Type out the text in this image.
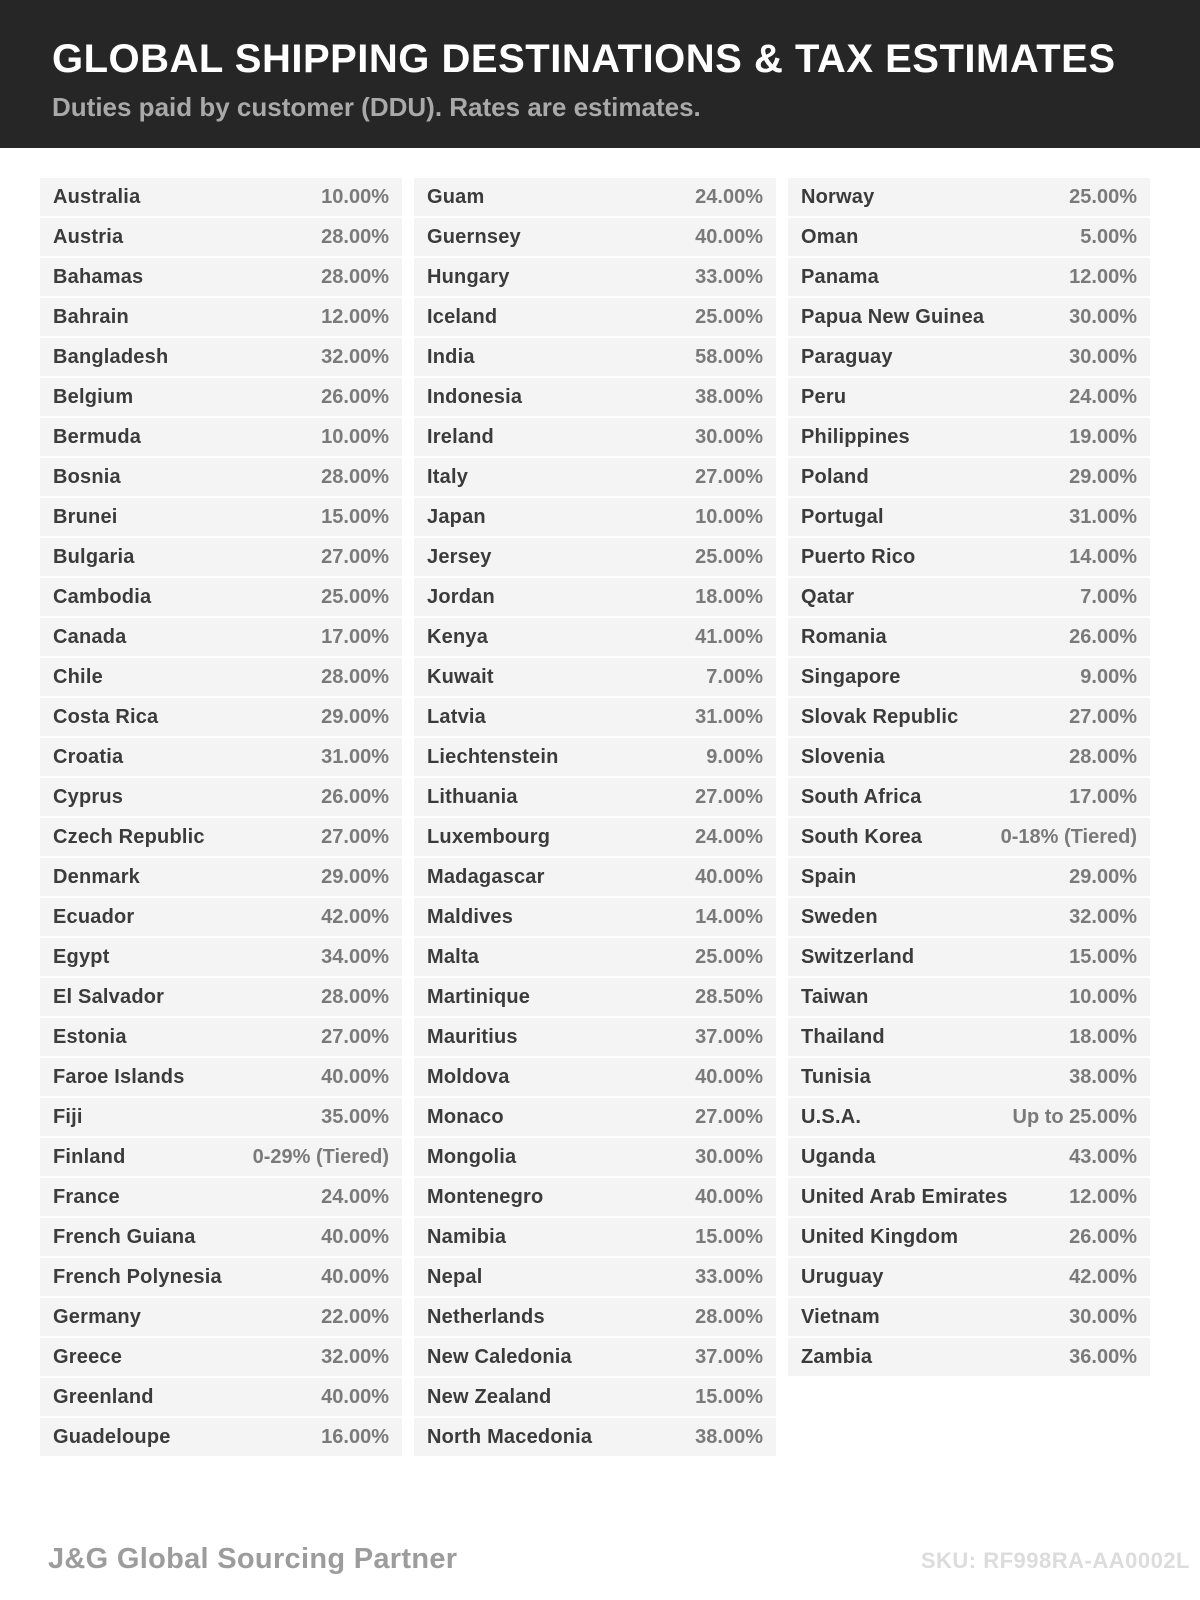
GLOBAL SHIPPING DESTINATIONS & TAX ESTIMATES

Duties paid by customer (DDU). Rates are estimates.

Australia	10.00%
Austria	28.00%
Bahamas	28.00%
Bahrain	12.00%
Bangladesh	32.00%
Belgium	26.00%
Bermuda	10.00%
Bosnia	28.00%
Brunei	15.00%
Bulgaria	27.00%
Cambodia	25.00%
Canada	17.00%
Chile	28.00%
Costa Rica	29.00%
Croatia	31.00%
Cyprus	26.00%
Czech Republic	27.00%
Denmark	29.00%
Ecuador	42.00%
Egypt	34.00%
El Salvador	28.00%
Estonia	27.00%
Faroe Islands	40.00%
Fiji	35.00%
Finland	0-29% (Tiered)
France	24.00%
French Guiana	40.00%
French Polynesia	40.00%
Germany	22.00%
Greece	32.00%
Greenland	40.00%
Guadeloupe	16.00%
Guam	24.00%
Guernsey	40.00%
Hungary	33.00%
Iceland	25.00%
India	58.00%
Indonesia	38.00%
Ireland	30.00%
Italy	27.00%
Japan	10.00%
Jersey	25.00%
Jordan	18.00%
Kenya	41.00%
Kuwait	7.00%
Latvia	31.00%
Liechtenstein	9.00%
Lithuania	27.00%
Luxembourg	24.00%
Madagascar	40.00%
Maldives	14.00%
Malta	25.00%
Martinique	28.50%
Mauritius	37.00%
Moldova	40.00%
Monaco	27.00%
Mongolia	30.00%
Montenegro	40.00%
Namibia	15.00%
Nepal	33.00%
Netherlands	28.00%
New Caledonia	37.00%
New Zealand	15.00%
North Macedonia	38.00%
Norway	25.00%
Oman	5.00%
Panama	12.00%
Papua New Guinea	30.00%
Paraguay	30.00%
Peru	24.00%
Philippines	19.00%
Poland	29.00%
Portugal	31.00%
Puerto Rico	14.00%
Qatar	7.00%
Romania	26.00%
Singapore	9.00%
Slovak Republic	27.00%
Slovenia	28.00%
South Africa	17.00%
South Korea	0-18% (Tiered)
Spain	29.00%
Sweden	32.00%
Switzerland	15.00%
Taiwan	10.00%
Thailand	18.00%
Tunisia	38.00%
U.S.A.	Up to 25.00%
Uganda	43.00%
United Arab Emirates	12.00%
United Kingdom	26.00%
Uruguay	42.00%
Vietnam	30.00%
Zambia	36.00%
J&G Global Sourcing Partner	SKU: RF998RA-AA0002L
